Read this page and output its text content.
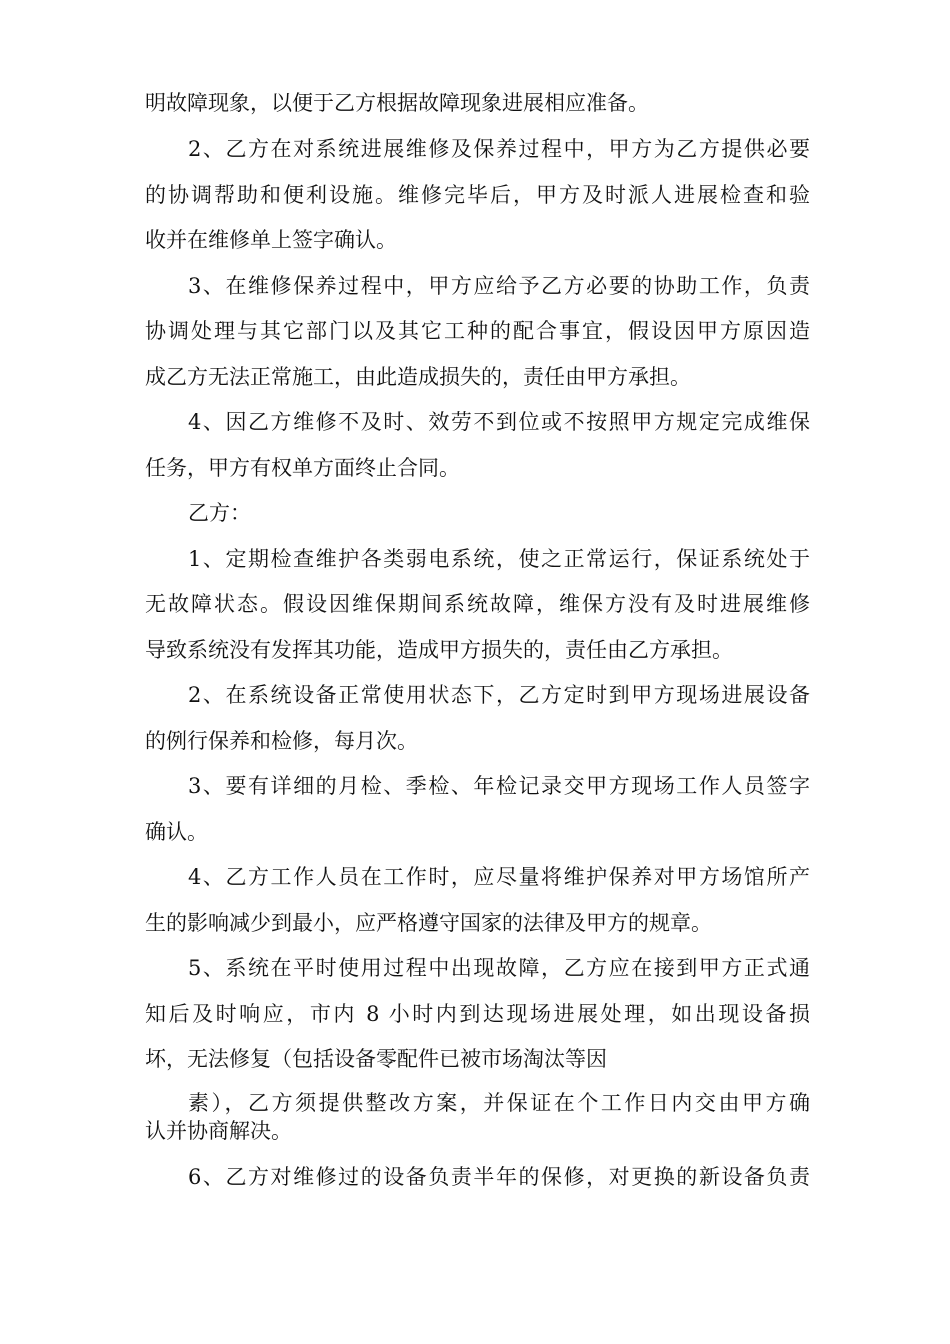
明故障现象，以便于乙方根据故障现象进展相应准备。
2、乙方在对系统进展维修及保养过程中，甲方为乙方提供必要
的协调帮助和便利设施。维修完毕后，甲方及时派人进展检查和验
收并在维修单上签字确认。
3、在维修保养过程中，甲方应给予乙方必要的协助工作，负责
协调处理与其它部门以及其它工种的配合事宜，假设因甲方原因造
成乙方无法正常施工，由此造成损失的，责任由甲方承担。
4、因乙方维修不及时、效劳不到位或不按照甲方规定完成维保
任务，甲方有权单方面终止合同。
乙方：
1、定期检查维护各类弱电系统，使之正常运行，保证系统处于
无故障状态。假设因维保期间系统故障，维保方没有及时进展维修
导致系统没有发挥其功能，造成甲方损失的，责任由乙方承担。
2、在系统设备正常使用状态下，乙方定时到甲方现场进展设备
的例行保养和检修，每月次。
3、要有详细的月检、季检、年检记录交甲方现场工作人员签字
确认。
4、乙方工作人员在工作时，应尽量将维护保养对甲方场馆所产
生的影响减少到最小，应严格遵守国家的法律及甲方的规章。
5、系统在平时使用过程中出现故障，乙方应在接到甲方正式通
知后及时响应，市内 8 小时内到达现场进展处理，如出现设备损
坏，无法修复（包括设备零配件已被市场淘汰等因
素），乙方须提供整改方案，并保证在个工作日内交由甲方确
认并协商解决。
6、乙方对维修过的设备负责半年的保修，对更换的新设备负责
